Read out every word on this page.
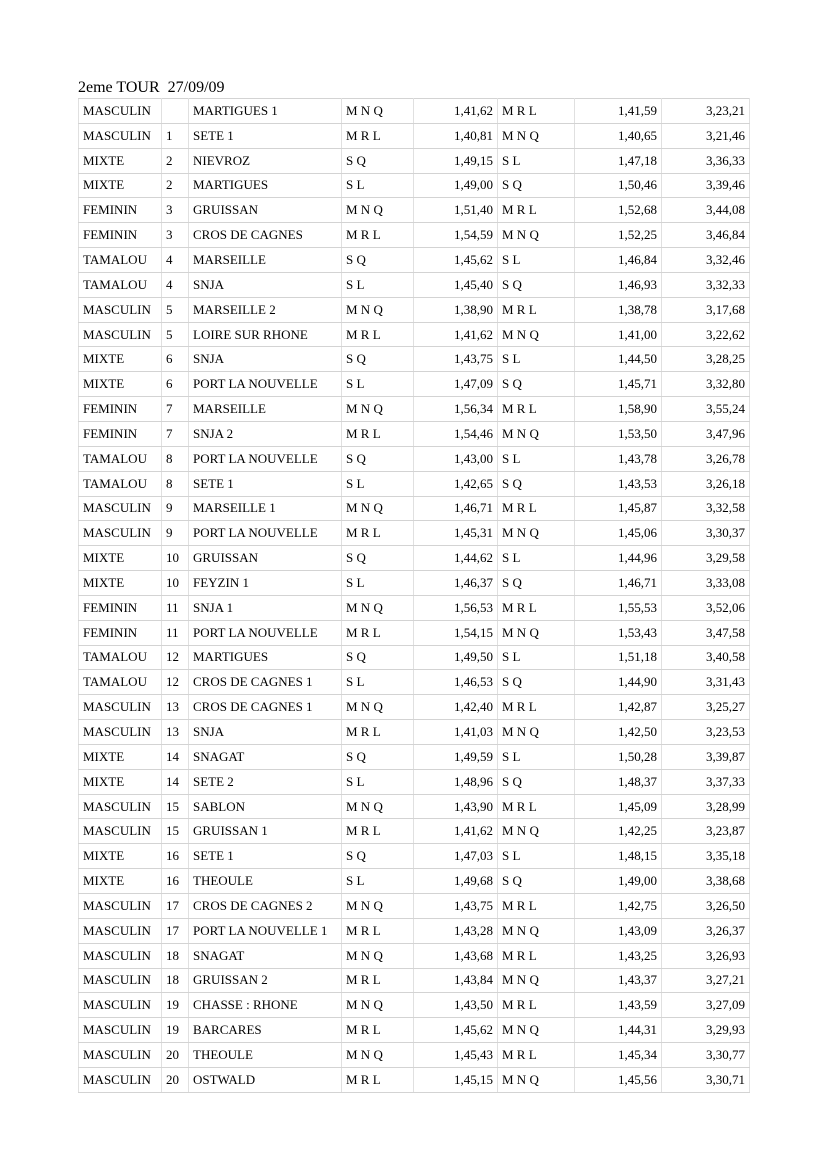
2eme TOUR  27/09/09
MASCULIN		MARTIGUES 1	M N Q	1,41,62	M R L	1,41,59	3,23,21
MASCULIN	1	SETE 1	M R L	1,40,81	M N Q	1,40,65	3,21,46
MIXTE	2	NIEVROZ	S Q	1,49,15	S L	1,47,18	3,36,33
MIXTE	2	MARTIGUES	S L	1,49,00	S Q	1,50,46	3,39,46
FEMININ	3	GRUISSAN	M N Q	1,51,40	M R L	1,52,68	3,44,08
FEMININ	3	CROS DE CAGNES	M R L	1,54,59	M N Q	1,52,25	3,46,84
TAMALOU	4	MARSEILLE	S Q	1,45,62	S L	1,46,84	3,32,46
TAMALOU	4	SNJA	S L	1,45,40	S Q	1,46,93	3,32,33
MASCULIN	5	MARSEILLE 2	M N Q	1,38,90	M R L	1,38,78	3,17,68
MASCULIN	5	LOIRE SUR RHONE	M R L	1,41,62	M N Q	1,41,00	3,22,62
MIXTE	6	SNJA	S Q	1,43,75	S L	1,44,50	3,28,25
MIXTE	6	PORT LA NOUVELLE	S L	1,47,09	S Q	1,45,71	3,32,80
FEMININ	7	MARSEILLE	M N Q	1,56,34	M R L	1,58,90	3,55,24
FEMININ	7	SNJA 2	M R L	1,54,46	M N Q	1,53,50	3,47,96
TAMALOU	8	PORT LA NOUVELLE	S Q	1,43,00	S L	1,43,78	3,26,78
TAMALOU	8	SETE 1	S L	1,42,65	S Q	1,43,53	3,26,18
MASCULIN	9	MARSEILLE 1	M N Q	1,46,71	M R L	1,45,87	3,32,58
MASCULIN	9	PORT LA NOUVELLE	M R L	1,45,31	M N Q	1,45,06	3,30,37
MIXTE	10	GRUISSAN	S Q	1,44,62	S L	1,44,96	3,29,58
MIXTE	10	FEYZIN 1	S L	1,46,37	S Q	1,46,71	3,33,08
FEMININ	11	SNJA 1	M N Q	1,56,53	M R L	1,55,53	3,52,06
FEMININ	11	PORT LA NOUVELLE	M R L	1,54,15	M N Q	1,53,43	3,47,58
TAMALOU	12	MARTIGUES	S Q	1,49,50	S L	1,51,18	3,40,58
TAMALOU	12	CROS DE CAGNES 1	S L	1,46,53	S Q	1,44,90	3,31,43
MASCULIN	13	CROS DE CAGNES 1	M N Q	1,42,40	M R L	1,42,87	3,25,27
MASCULIN	13	SNJA	M R L	1,41,03	M N Q	1,42,50	3,23,53
MIXTE	14	SNAGAT	S Q	1,49,59	S L	1,50,28	3,39,87
MIXTE	14	SETE 2	S L	1,48,96	S Q	1,48,37	3,37,33
MASCULIN	15	SABLON	M N Q	1,43,90	M R L	1,45,09	3,28,99
MASCULIN	15	GRUISSAN 1	M R L	1,41,62	M N Q	1,42,25	3,23,87
MIXTE	16	SETE 1	S Q	1,47,03	S L	1,48,15	3,35,18
MIXTE	16	THEOULE	S L	1,49,68	S Q	1,49,00	3,38,68
MASCULIN	17	CROS DE CAGNES 2	M N Q	1,43,75	M R L	1,42,75	3,26,50
MASCULIN	17	PORT LA NOUVELLE 1	M R L	1,43,28	M N Q	1,43,09	3,26,37
MASCULIN	18	SNAGAT	M N Q	1,43,68	M R L	1,43,25	3,26,93
MASCULIN	18	GRUISSAN 2	M R L	1,43,84	M N Q	1,43,37	3,27,21
MASCULIN	19	CHASSE : RHONE	M N Q	1,43,50	M R L	1,43,59	3,27,09
MASCULIN	19	BARCARES	M R L	1,45,62	M N Q	1,44,31	3,29,93
MASCULIN	20	THEOULE	M N Q	1,45,43	M R L	1,45,34	3,30,77
MASCULIN	20	OSTWALD	M R L	1,45,15	M N Q	1,45,56	3,30,71
